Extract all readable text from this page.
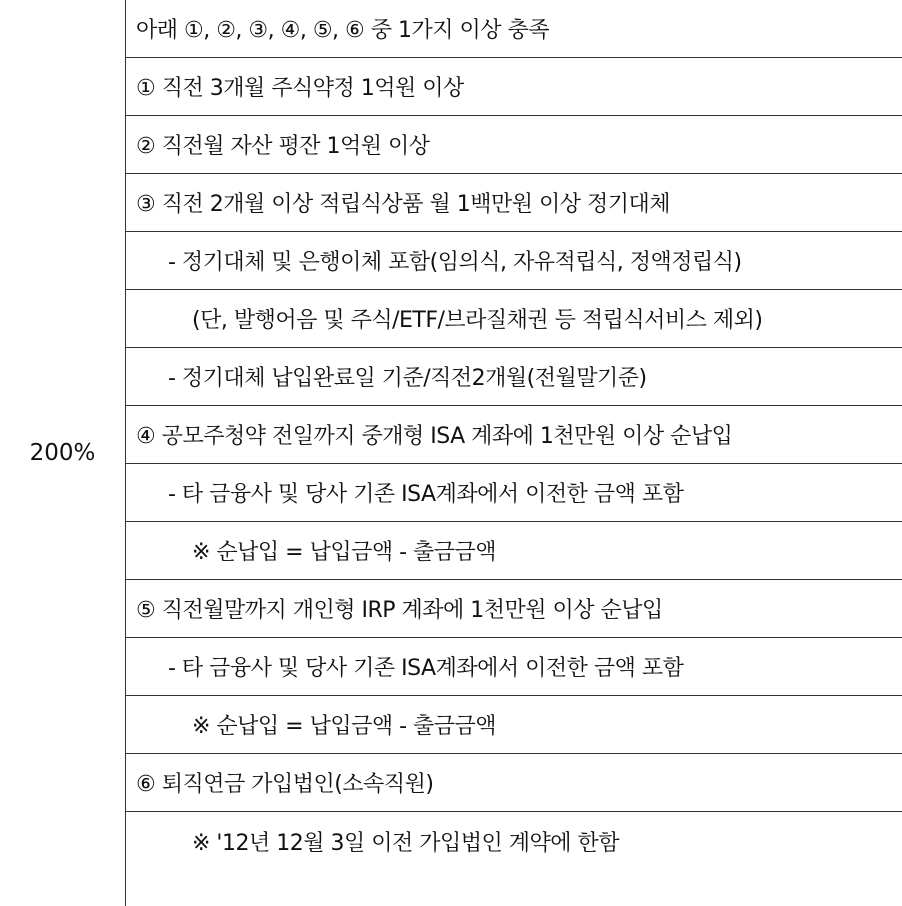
200%
아래 ①, ②, ③, ④, ⑤, ⑥ 중 1가지 이상 충족
① 직전 3개월 주식약정 1억원 이상
② 직전월 자산 평잔 1억원 이상
③ 직전 2개월 이상 적립식상품 월 1백만원 이상 정기대체
- 정기대체 및 은행이체 포함(임의식, 자유적립식, 정액정립식)
(단, 발행어음 및 주식/ETF/브라질채권 등 적립식서비스 제외)
- 정기대체 납입완료일 기준/직전2개월(전월말기준)
④ 공모주청약 전일까지 중개형 ISA 계좌에 1천만원 이상 순납입
- 타 금융사 및 당사 기존 ISA계좌에서 이전한 금액 포함
※ 순납입 = 납입금액 - 출금금액
⑤ 직전월말까지 개인형 IRP 계좌에 1천만원 이상 순납입
- 타 금융사 및 당사 기존 ISA계좌에서 이전한 금액 포함
※ 순납입 = 납입금액 - 출금금액
⑥ 퇴직연금 가입법인(소속직원)
※ '12년 12월 3일 이전 가입법인 계약에 한함
